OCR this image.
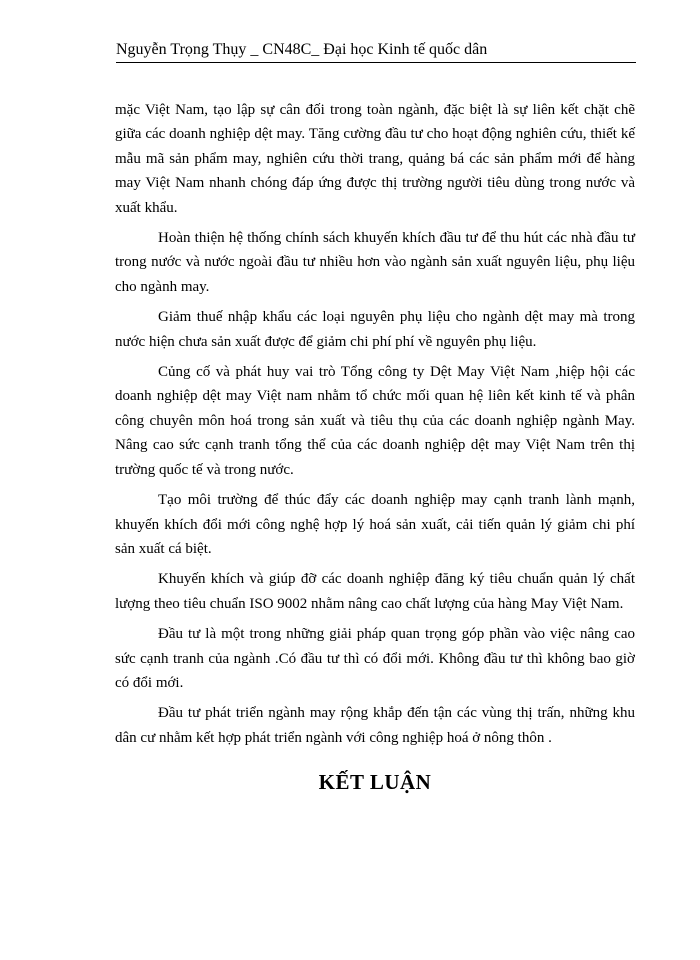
Nguyễn Trọng Thụy _ CN48C_ Đại học Kinh tế quốc dân

mặc Việt Nam, tạo lập sự cân đối trong toàn ngành, đặc biệt là sự liên kết chặt chẽ giữa các doanh nghiệp dệt may. Tăng cường đầu tư cho hoạt động nghiên cứu, thiết kế mẫu mã sản phẩm may, nghiên cứu thời trang, quảng bá các sản phẩm mới để hàng may Việt Nam nhanh chóng đáp ứng được thị trường người tiêu dùng trong nước và xuất khẩu.

Hoàn thiện hệ thống chính sách khuyến khích đầu tư để thu hút các nhà đầu tư trong nước và nước ngoài đầu tư nhiều hơn vào ngành sản xuất nguyên liệu, phụ liệu cho ngành may.

Giảm thuế nhập khẩu các loại nguyên phụ liệu cho ngành dệt may mà trong nước hiện chưa sản xuất được để giảm chi phí phí về nguyên phụ liệu.

Củng cố và phát huy vai trò Tổng công ty Dệt May Việt Nam ,hiệp hội các doanh nghiệp dệt may Việt nam nhằm tổ chức mối quan hệ liên kết kinh tế và phân công chuyên môn hoá trong sản xuất và tiêu thụ của các doanh nghiệp ngành May. Nâng cao sức cạnh tranh tổng thể của các doanh nghiệp dệt may Việt Nam trên thị trường quốc tế và trong nước.

Tạo môi trường để thúc đẩy các doanh nghiệp may cạnh tranh lành mạnh, khuyến khích đổi mới công nghệ hợp lý hoá sản xuất, cải tiến quản lý giảm chi phí sản xuất cá biệt.

Khuyến khích và giúp đỡ các doanh nghiệp đăng ký tiêu chuẩn quản lý chất lượng theo tiêu chuẩn ISO 9002 nhằm nâng cao chất lượng của hàng May Việt Nam.

Đầu tư là một trong những giải pháp quan trọng góp phần vào việc nâng cao sức cạnh tranh của ngành .Có đầu tư thì có đổi mới. Không đầu tư thì không bao giờ có đổi mới.

Đầu tư phát triển ngành may rộng khắp đến tận các vùng thị trấn, những khu dân cư nhằm kết hợp phát triển ngành với công nghiệp hoá ở nông thôn .

KẾT LUẬN
